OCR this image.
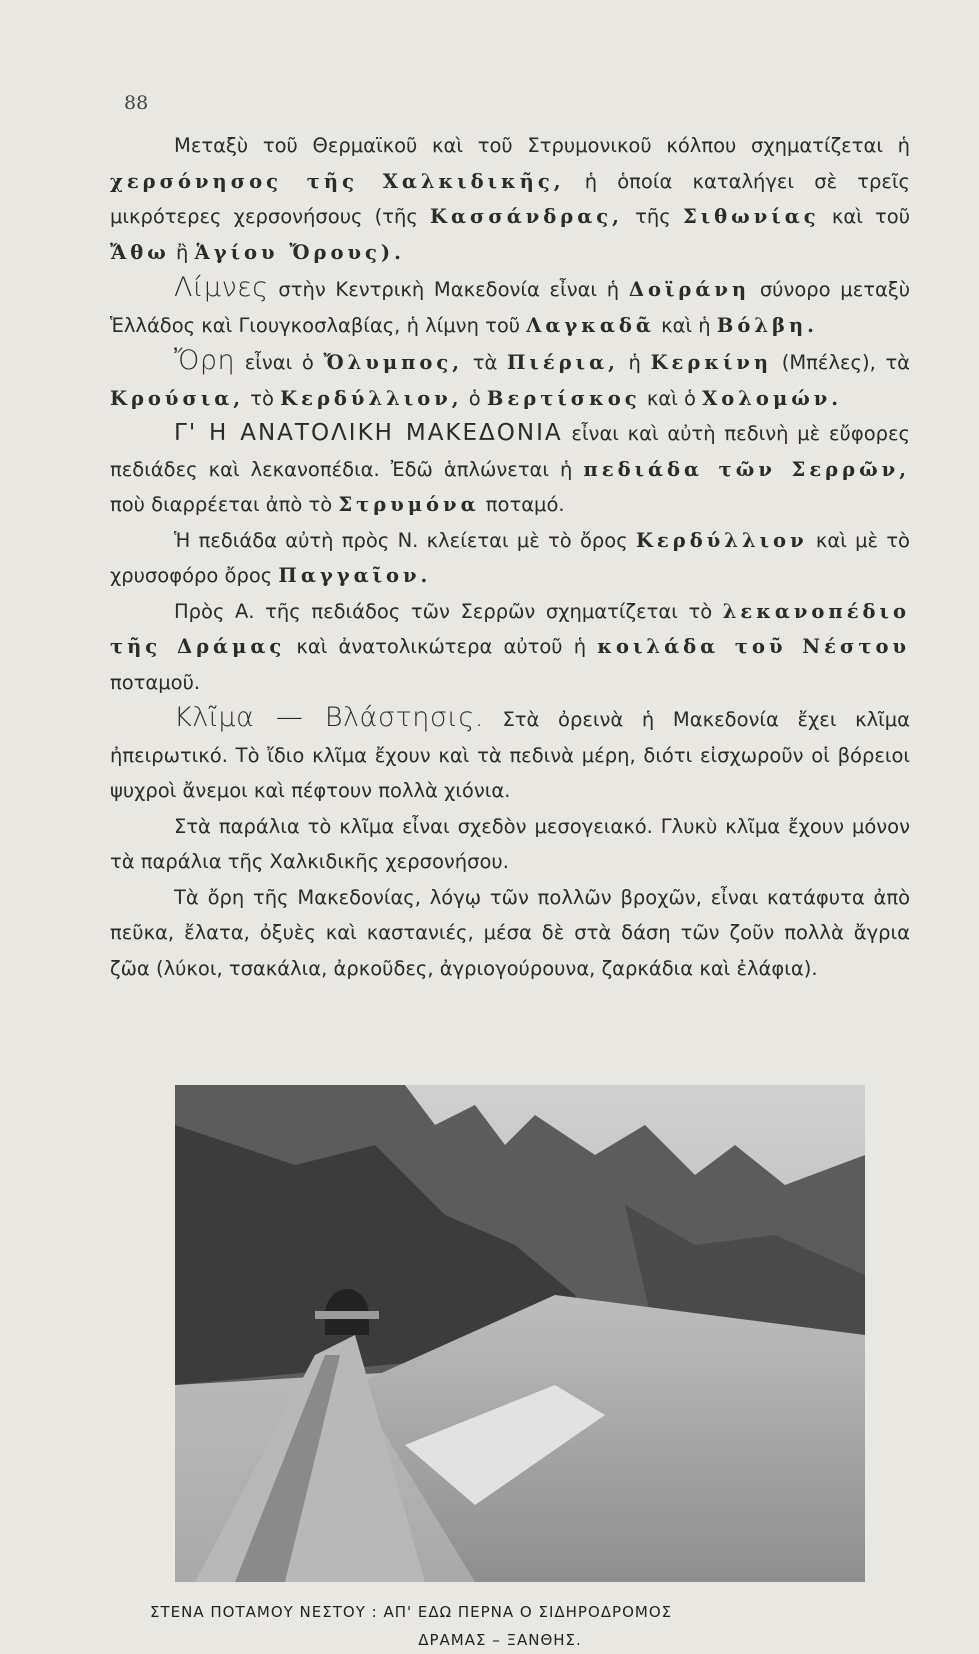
88

Μεταξὺ τοῦ Θερμαϊκοῦ καὶ τοῦ Στρυμονικοῦ κόλπου σχηματίζεται ἡ χερσόνησος τῆς Χαλκιδικῆς, ἡ ὁποία καταλήγει σὲ τρεῖς μικρότερες χερσονήσους (τῆς Κασσάνδρας, τῆς Σιθωνίας καὶ τοῦ Ἄθω ἢ Ἁγίου Ὄρους).

Λίμνες στὴν Κεντρικὴ Μακεδονία εἶναι ἡ Δοϊράνη σύνορο μεταξὺ Ἑλλάδος καὶ Γιουγκοσλαβίας, ἡ λίμνη τοῦ Λαγκαδᾶ καὶ ἡ Βόλβη.

Ὄρη εἶναι ὁ Ὄλυμπος, τὰ Πιέρια, ἡ Κερκίνη (Μπέλες), τὰ Κρούσια, τὸ Κερδύλλιον, ὁ Βερτίσκος καὶ ὁ Χολομών.

Γ' Η ΑΝΑΤΟΛΙΚΗ ΜΑΚΕΔΟΝΙΑ εἶναι καὶ αὐτὴ πεδινὴ μὲ εὔφορες πεδιάδες καὶ λεκανοπέδια. Ἐδῶ ἁπλώνεται ἡ πεδιάδα τῶν Σερρῶν, ποὺ διαρρέεται ἀπὸ τὸ Στρυμόνα ποταμό.

Ἡ πεδιάδα αὐτὴ πρὸς Ν. κλείεται μὲ τὸ ὄρος Κερδύλλιον καὶ μὲ τὸ χρυσοφόρο ὄρος Παγγαῖον.

Πρὸς Α. τῆς πεδιάδος τῶν Σερρῶν σχηματίζεται τὸ λεκανοπέδιο τῆς Δράμας καὶ ἀνατολικώτερα αὐτοῦ ἡ κοιλάδα τοῦ Νέστου ποταμοῦ.

Κλῖμα — Βλάστησις. Στὰ ὀρεινὰ ἡ Μακεδονία ἔχει κλῖμα ἠπειρωτικό. Τὸ ἴδιο κλῖμα ἔχουν καὶ τὰ πεδινὰ μέρη, διότι εἰσχωροῦν οἱ βόρειοι ψυχροὶ ἄνεμοι καὶ πέφτουν πολλὰ χιόνια.

Στὰ παράλια τὸ κλῖμα εἶναι σχεδὸν μεσογειακό. Γλυκὺ κλῖμα ἔχουν μόνον τὰ παράλια τῆς Χαλκιδικῆς χερσονήσου.

Τὰ ὄρη τῆς Μακεδονίας, λόγῳ τῶν πολλῶν βροχῶν, εἶναι κατάφυτα ἀπὸ πεῦκα, ἔλατα, ὀξυὲς καὶ καστανιές, μέσα δὲ στὰ δάση τῶν ζοῦν πολλὰ ἄγρια ζῶα (λύκοι, τσακάλια, ἀρκοῦδες, ἀγριογούρουνα, ζαρκάδια καὶ ἐλάφια).

ΣΤΕΝΑ ΠΟΤΑΜΟΥ ΝΕΣΤΟΥ : ΑΠ' ΕΔΩ ΠΕΡΝΑ Ο ΣΙΔΗΡΟΔΡΟΜΟΣ
ΔΡΑΜΑΣ – ΞΑΝΘΗΣ.
